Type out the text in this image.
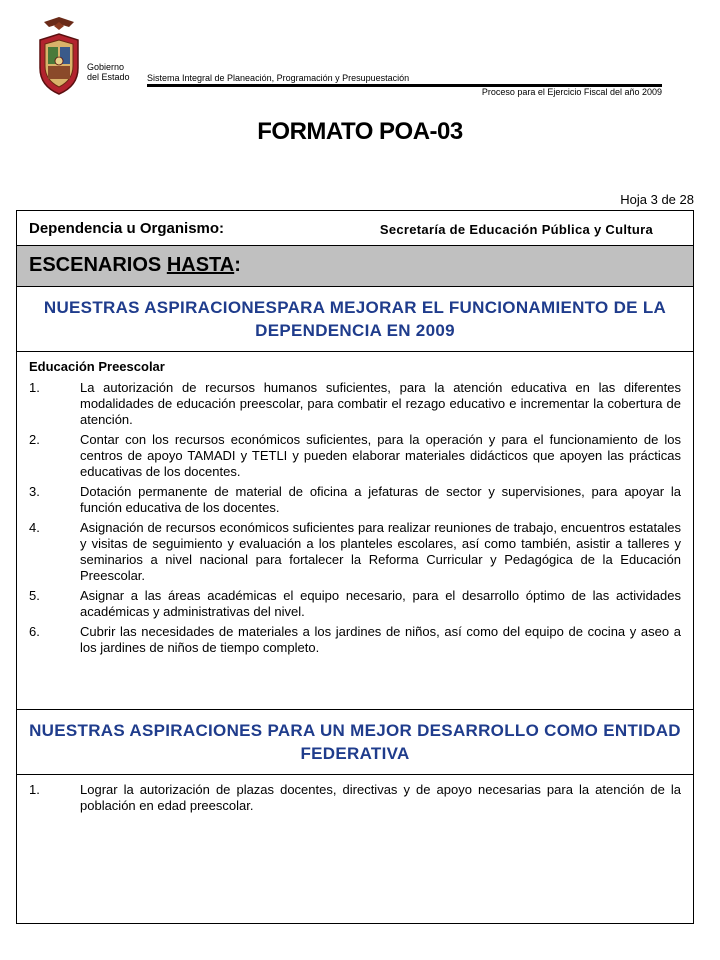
Gobierno
del Estado Sistema Integral de Planeación, Programación y Presupuestación
Proceso para el Ejercicio Fiscal del año 2009
FORMATO POA-03
Hoja 3 de 28
Dependencia u Organismo:	Secretaría de Educación Pública y Cultura
ESCENARIOS HASTA:
NUESTRAS ASPIRACIONESPARA MEJORAR EL FUNCIONAMIENTO DE LA DEPENDENCIA EN 2009
Educación Preescolar
1.	La autorización de recursos humanos suficientes, para la atención educativa en las diferentes modalidades de educación preescolar, para combatir el rezago educativo e incrementar la cobertura de atención.
2.	Contar con los recursos económicos suficientes, para la operación y para el funcionamiento de los centros de apoyo TAMADI y TETLI y pueden elaborar materiales didácticos que apoyen las prácticas educativas de los docentes.
3.	Dotación permanente de material de oficina a jefaturas de sector y supervisiones, para apoyar la función educativa de los docentes.
4.	Asignación de recursos económicos suficientes para realizar reuniones de trabajo, encuentros estatales y visitas de seguimiento y evaluación a los planteles escolares, así como también, asistir a talleres y seminarios a nivel nacional para fortalecer la Reforma Curricular y Pedagógica de la Educación Preescolar.
5.	Asignar a las áreas académicas el equipo necesario, para el desarrollo óptimo de las actividades académicas y administrativas del nivel.
6.	Cubrir las necesidades de materiales a los jardines de niños, así como del equipo de cocina y aseo a los jardines de niños de tiempo completo.
NUESTRAS ASPIRACIONES PARA UN MEJOR DESARROLLO COMO ENTIDAD FEDERATIVA
1.	Lograr la autorización de plazas docentes, directivas y de apoyo necesarias para la atención de la población en edad preescolar.
